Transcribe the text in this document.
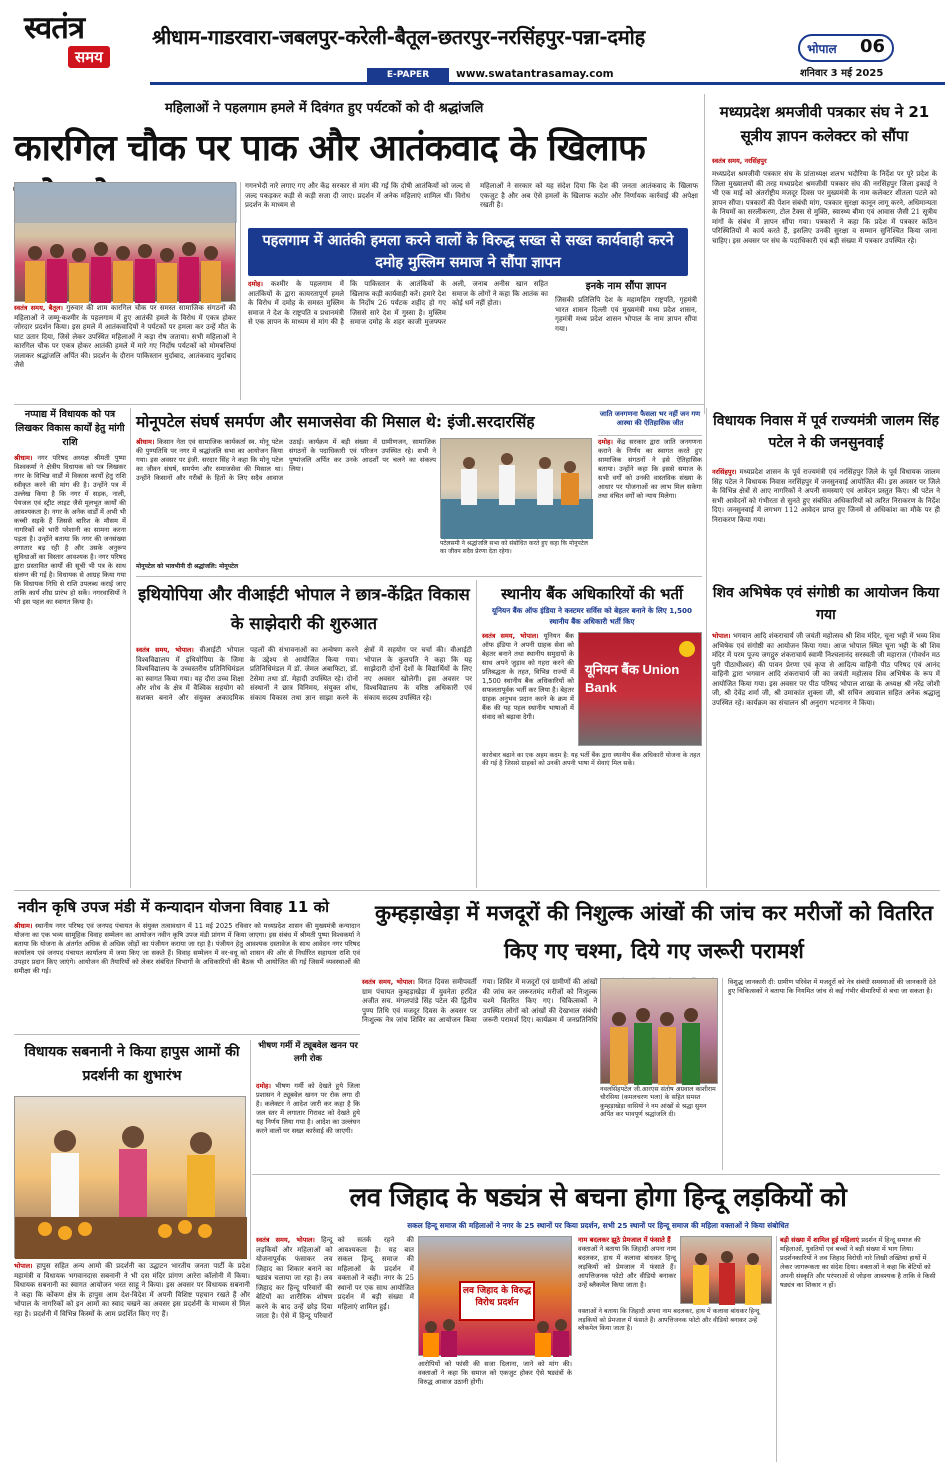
स्वतंत्र
समय
श्रीधाम-गाडरवारा-जबलपुर-करेली-बैतूल-छतरपुर-नरसिंहपुर-पन्ना-दमोह	भोपाल 06
E-PAPER	www.swatantrasamay.com	शनिवार 3 मई 2025
महिलाओं ने पहलगाम हमले में दिवंगत हुए पर्यटकों को दी श्रद्धांजलि
कारगिल चौक पर पाक और आतंकवाद के खिलाफ
स्वतंत्र समय, बैतूल। गुरुवार की शाम कारगिल चौक पर समस्त सामाजिक संगठनों की महिलाओं ने जम्मू-कश्मीर के पहलगाम में हुए आतंकी हमले के विरोध में एकत्र होकर जोरदार प्रदर्शन किया। इस हमले में आतंकवादियों ने पर्यटकों पर हमला कर उन्हें मौत के घाट उतार दिया, जिसे लेकर उपस्थित महिलाओं ने कड़ा रोष जताया। सभी महिलाओं ने कारगिल चौक पर एकत्र होकर आतंकी हमले में मारे गए निर्दोष पर्यटकों को मोमबत्तियां जलाकर श्रद्धांजलि अर्पित की। प्रदर्शन के दौरान पाकिस्तान मुर्दाबाद, आतंकवाद मुर्दाबाद जैसे
गगनभेदी नारे लगाए गए और केंद्र सरकार से मांग की गई कि दोषी आतंकियों को जल्द से जल्द पकड़कर कड़ी से कड़ी सजा दी जाए। प्रदर्शन में अनेक महिलाएं शामिल थीं। विरोध प्रदर्शन के माध्यम से
महिलाओं ने सरकार को यह संदेश दिया कि देश की जनता आतंकवाद के खिलाफ एकजुट है और अब ऐसे हमलों के खिलाफ कठोर और निर्णायक कार्रवाई की अपेक्षा रखती है।
पहलगाम में आतंकी हमला करने वालों के विरुद्ध सख्त से सख्त कार्यवाही करने दमोह मुस्लिम समाज ने सौंपा ज्ञापन
दमोह। कश्मीर के पहलगाम में आतंकियों के द्वारा कायरतापूर्ण हमले के विरोध में दमोह के समस्त मुस्लिम समाज ने देश के राष्ट्रपति व प्रधानमंत्री से एक ज्ञापन के माध्यम से मांग की है कि पाकिस्तान के आतंकियों के खिलाफ कड़ी कार्यवाही करें। हमारे देश के निर्दोष 26 पर्यटक शहीद हो गए जिससे सारे देश में गुस्सा है। मुस्लिम समाज दमोह के शहर काजी मुजफ्फर अली, जनाब अनीस खान सहित समाज के लोगों ने कहा कि आतंक का कोई धर्म नहीं होता।
इनके नाम सौंपा ज्ञापन
जिसकी प्रतिलिपि देश के महामहिम राष्ट्रपति, गृहमंत्री भारत शासन दिल्ली एवं मुख्यमंत्री मध्य प्रदेश शासन, गृहमंत्री मध्य प्रदेश शासन भोपाल के नाम ज्ञापन सौंपा गया।
मध्यप्रदेश श्रमजीवी पत्रकार संघ ने 21 सूत्रीय ज्ञापन कलेक्टर को सौंपा
स्वतंत्र समय, नरसिंहपुर
मध्यप्रदेश श्रमजीवी पत्रकार संघ के प्रांताध्यक्ष शलभ भदौरिया के निर्देश पर पूरे प्रदेश के जिला मुख्यालयों की तरह मध्यप्रदेश श्रमजीवी पत्रकार संघ की नरसिंहपुर जिला इकाई ने भी एक माई को अंतर्राष्ट्रीय मजदूर दिवस पर मुख्यमंत्री के नाम कलेक्टर शीतला पटले को ज्ञापन सौंपा। पत्रकारों की पेंशन संबंधी मांग, पत्रकार सुरक्षा कानून लागू करने, अधिमान्यता के नियमों का सरलीकरण, टोल टैक्स से मुक्ति, स्वास्थ्य बीमा एवं आवास जैसी 21 सूत्रीय मांगों के संबंध में ज्ञापन सौंपा गया। पत्रकारों ने कहा कि प्रदेश में पत्रकार कठिन परिस्थितियों में कार्य करते हैं, इसलिए उनकी सुरक्षा व सम्मान सुनिश्चित किया जाना चाहिए। इस अवसर पर संघ के पदाधिकारी एवं बड़ी संख्या में पत्रकार उपस्थित रहे।
नप्पाद्य में विधायक को पत्र लिखकर विकास कार्यों हेतु मांगी राशि
श्रीधाम। नगर परिषद अध्यक्ष श्रीमती पुष्पा विश्वकर्मा ने क्षेत्रीय विधायक को पत्र लिखकर नगर के विभिन्न वार्डों में विकास कार्यों हेतु राशि स्वीकृत करने की मांग की है। उन्होंने पत्र में उल्लेख किया है कि नगर में सड़क, नाली, पेयजल एवं स्ट्रीट लाइट जैसे मूलभूत कार्यों की आवश्यकता है। नगर के अनेक वार्डों में अभी भी कच्ची सड़कें हैं जिससे बारिश के मौसम में नागरिकों को भारी परेशानी का सामना करना पड़ता है। उन्होंने बताया कि नगर की जनसंख्या लगातार बढ़ रही है और उसके अनुरूप सुविधाओं का विस्तार आवश्यक है। नगर परिषद द्वारा प्रस्तावित कार्यों की सूची भी पत्र के साथ संलग्न की गई है। विधायक से आग्रह किया गया कि विधायक निधि से राशि उपलब्ध कराई जाए ताकि कार्य शीघ्र प्रारंभ हो सकें। नगरवासियों ने भी इस पहल का स्वागत किया है।
मोनूपटेल संघर्ष समर्पण और समाजसेवा की मिसाल थे: इंजी.सरदारसिंह
श्रीधाम। किसान नेता एवं सामाजिक कार्यकर्ता स्व. मोनू पटेल की पुण्यतिथि पर नगर में श्रद्धांजलि सभा का आयोजन किया गया। इस अवसर पर इंजी. सरदार सिंह ने कहा कि मोनू पटेल का जीवन संघर्ष, समर्पण और समाजसेवा की मिसाल था। उन्होंने किसानों और गरीबों के हितों के लिए सदैव आवाज उठाई। कार्यक्रम में बड़ी संख्या में ग्रामीणजन, सामाजिक संगठनों के पदाधिकारी एवं परिजन उपस्थित रहे। सभी ने पुष्पांजलि अर्पित कर उनके आदर्शों पर चलने का संकल्प लिया।
मोनूपटेल को भावभीनी दी श्रद्धांजलि: मोनूपटेल
पटेलसमी ने श्रद्धांजलि सभा को संबोधित करते हुए कहा कि मोनूपटेल का जीवन सदैव प्रेरणा देता रहेगा।
जाति जनगणना फैसला भर नहीं जन गण आस्था की ऐतिहासिक जीत
दमोह। केंद्र सरकार द्वारा जाति जनगणना कराने के निर्णय का स्वागत करते हुए सामाजिक संगठनों ने इसे ऐतिहासिक बताया। उन्होंने कहा कि इससे समाज के सभी वर्गों को उनकी वास्तविक संख्या के आधार पर योजनाओं का लाभ मिल सकेगा तथा वंचित वर्गों को न्याय मिलेगा।
विधायक निवास में पूर्व राज्यमंत्री जालम सिंह पटेल ने की जनसुनवाई
नरसिंहपुर। मध्यप्रदेश शासन के पूर्व राज्यमंत्री एवं नरसिंहपुर जिले के पूर्व विधायक जालम सिंह पटेल ने विधायक निवास नरसिंहपुर में जनसुनवाई आयोजित की। इस अवसर पर जिले के विभिन्न क्षेत्रों से आए नागरिकों ने अपनी समस्याएं एवं आवेदन प्रस्तुत किए। श्री पटेल ने सभी आवेदनों को गंभीरता से सुनते हुए संबंधित अधिकारियों को त्वरित निराकरण के निर्देश दिए। जनसुनवाई में लगभग 112 आवेदन प्राप्त हुए जिनमें से अधिकांश का मौके पर ही निराकरण किया गया।
इथियोपिया और वीआईटी भोपाल ने छात्र-केंद्रित विकास के साझेदारी की शुरुआत
स्वतंत्र समय, भोपाल। वीआईटी भोपाल विश्वविद्यालय में इथियोपिया के जिमा विश्वविद्यालय के उच्चस्तरीय प्रतिनिधिमंडल का स्वागत किया गया। यह दौरा उच्च शिक्षा और शोध के क्षेत्र में वैश्विक सहयोग को सशक्त बनाने और संयुक्त अकादमिक पहलों की संभावनाओं का अन्वेषण करने के उद्देश्य से आयोजित किया गया। प्रतिनिधिमंडल में डॉ. जेमल अबाफिटा, डॉ. टेसेमा तथा डॉ. मेहादी उपस्थित रहे। दोनों संस्थानों ने छात्र विनिमय, संयुक्त शोध, संकाय विकास तथा ज्ञान साझा करने के क्षेत्रों में सहयोग पर चर्चा की। वीआईटी भोपाल के कुलपति ने कहा कि यह साझेदारी दोनों देशों के विद्यार्थियों के लिए नए अवसर खोलेगी। इस अवसर पर विश्वविद्यालय के वरिष्ठ अधिकारी एवं संकाय सदस्य उपस्थित रहे।
स्थानीय बैंक अधिकारियों की भर्ती
यूनियन बैंक ऑफ इंडिया ने कस्टमर सर्विस को बेहतर बनाने के लिए 1,500 स्थानीय बैंक अधिकारी भर्ती किए
स्वतंत्र समय, भोपाल। यूनियन बैंक ऑफ इंडिया ने अपनी ग्राहक सेवा को बेहतर बनाने तथा स्थानीय समुदायों के साथ अपने जुड़ाव को गहरा करने की प्रतिबद्धता के तहत, विभिन्न राज्यों में 1,500 स्थानीय बैंक अधिकारियों को सफलतापूर्वक भर्ती कर लिया है। बेहतर ग्राहक अनुभव प्रदान करने के क्रम में बैंक की यह पहल स्थानीय भाषाओं में संवाद को बढ़ावा देगी।
यूनियन बैंक Union Bank
कारोबार बढ़ाने का एक अहम कदम है: यह भर्ती बैंक द्वारा स्थानीय बैंक अधिकारी योजना के तहत की गई है जिससे ग्राहकों को उनकी अपनी भाषा में सेवाएं मिल सकें।
शिव अभिषेक एवं संगोष्ठी का आयोजन किया गया
भोपाल। भगवान आदि शंकराचार्य जी जयंती महोत्सव श्री शिव मंदिर, चूना भट्टी में भव्य शिव अभिषेक एवं संगोष्ठी का आयोजन किया गया। आज भोपाल स्थित चूना भट्टी के श्री शिव मंदिर में परम पूज्य जगद्गुरु शंकराचार्य स्वामी निश्चलानंद सरस्वती जी महाराज (गोवर्धन मठ पुरी पीठाधीश्वर) की पावन प्रेरणा एवं कृपा से आदित्य वाहिनी पीठ परिषद एवं आनंद वाहिनी द्वारा भगवान आदि शंकराचार्य जी का जयंती महोत्सव शिव अभिषेक के रूप में आयोजित किया गया। इस अवसर पर पीठ परिषद भोपाल शाखा के अध्यक्ष श्री नरेंद्र जोशी जी, श्री देवेंद्र शर्मा जी, श्री उमाकांत शुक्ला जी, श्री सचिन अग्रवाल सहित अनेक श्रद्धालु उपस्थित रहे। कार्यक्रम का संचालन श्री अनुराग भटनागर ने किया।
नवीन कृषि उपज मंडी में कन्यादान योजना विवाह 11 को
श्रीधाम। स्थानीय नगर परिषद एवं जनपद पंचायत के संयुक्त तत्वावधान में 11 मई 2025 रविवार को मध्यप्रदेश शासन की मुख्यमंत्री कन्यादान योजना का एक भव्य सामूहिक विवाह सम्मेलन का आयोजन नवीन कृषि उपज मंडी प्रांगण में किया जाएगा। इस संबंध में श्रीमती पुष्पा विश्वकर्मा ने बताया कि योजना के अंतर्गत अधिक से अधिक जोड़ों का पंजीयन कराया जा रहा है। पंजीयन हेतु आवश्यक दस्तावेज के साथ आवेदन नगर परिषद कार्यालय एवं जनपद पंचायत कार्यालय में जमा किए जा सकते हैं। विवाह सम्मेलन में वर-वधू को शासन की ओर से निर्धारित सहायता राशि एवं उपहार प्रदान किए जाएंगे। आयोजन की तैयारियों को लेकर संबंधित विभागों के अधिकारियों की बैठक भी आयोजित की गई जिसमें व्यवस्थाओं की समीक्षा की गई।
कुम्हड़ाखेड़ा में मजदूरों की निशुल्क आंखों की जांच कर मरीजों को वितरित किए गए चश्मा, दिये गए जरूरी परामर्श
स्वतंत्र समय, भोपाल। विगत दिवस समीपवर्ती ग्राम पंचायत कुम्हड़ाखेड़ा में युवनेता हरदित अजीत सच. मंगलपांडे सिंह पटेल की द्वितीय पुण्य तिथि एवं मजदूर दिवस के अवसर पर निःशुल्क नेत्र जांच शिविर का आयोजन किया गया। शिविर में मजदूरों एवं ग्रामीणों की आंखों की जांच कर जरूरतमंद मरीजों को निःशुल्क चश्मे वितरित किए गए। चिकित्सकों ने उपस्थित लोगों को आंखों की देखभाल संबंधी जरूरी परामर्श दिए। कार्यक्रम में जनप्रतिनिधि
नवलसिंहपटेल जी.आरएस संतोष अग्रवाल काशीराम चौरसिया (कमलचरण भला) के सहित समस्त कुम्हड़ाखेड़ा वासियों ने नम आंखों से श्रद्धा सुमन अर्पित कर भावपूर्ण श्रद्धांजलि दी।
विशुद्ध जानकारी दी: ग्रामीण परिवेश में मजदूरों को नेत्र संबंधी समस्याओं की जानकारी देते हुए चिकित्सकों ने बताया कि नियमित जांच से कई गंभीर बीमारियों से बचा जा सकता है।
विधायक सबनानी ने किया हापुस आमों की प्रदर्शनी का शुभारंभ
भीषण गर्मी में ट्यूबवेल खनन पर लगी रोक
दमोह। भीषण गर्मी को देखते हुये जिला प्रशासन ने ट्यूबवेल खनन पर रोक लगा दी है। कलेक्टर ने आदेश जारी कर कहा है कि जल स्तर में लगातार गिरावट को देखते हुये यह निर्णय लिया गया है। आदेश का उल्लंघन करने वालों पर सख्त कार्रवाई की जाएगी।
लव जिहाद के षड्यंत्र से बचना होगा हिन्दू लड़कियों को
सकल हिन्दू समाज की महिलाओं ने नगर के 25 स्थानों पर किया प्रदर्शन, सभी 25 स्थानों पर हिन्दू समाज की महिला वक्ताओं ने किया संबोधित
स्वतंत्र समय, भोपाल। हिन्दू लड़कियों और महिलाओं को योजनापूर्वक फंसाकर लव जिहाद का शिकार बनाने का षड्यंत्र चलाया जा रहा है। लव जिहाद कर हिन्दू परिवारों की बेटियों का शारीरिक शोषण करने के बाद उन्हें छोड़ दिया जाता है। ऐसे में हिन्दू परिवारों को सतर्क रहने की आवश्यकता है। यह बात सकल हिन्दू समाज की महिलाओं के प्रदर्शन में वक्ताओं ने कही। नगर के 25 स्थानों पर एक साथ आयोजित प्रदर्शन में बड़ी संख्या में महिलाएं शामिल हुईं।
लव जिहाद के विरुद्ध विरोध प्रदर्शन
आरोपियों को फांसी की सजा दिलाना, जाने को मांग की। वक्ताओं ने कहा कि समाज को एकजुट होकर ऐसे षड्यंत्रों के विरुद्ध आवाज उठानी होगी।
नाम बदलकर झूठे प्रेमजाल में फंसाते हैं
वक्ताओं ने बताया कि जिहादी अपना नाम बदलकर, हाथ में कलावा बांधकर हिन्दू लड़कियों को प्रेमजाल में फंसाते हैं। आपत्तिजनक फोटो और वीडियो बनाकर उन्हें ब्लैकमेल किया जाता है।
वक्ताओं ने बताया कि जिहादी अपना नाम बदलकर, हाथ में कलावा बांधकर हिन्दू लड़कियों को प्रेमजाल में फंसाते हैं। आपत्तिजनक फोटो और वीडियो बनाकर उन्हें ब्लैकमेल किया जाता है।
बड़ी संख्या में शामिल हुई महिलाएं प्रदर्शन में हिन्दू समाज की महिलाओं, युवतियों एवं बच्चों ने बड़ी संख्या में भाग लिया। प्रदर्शनकारियों ने लव जिहाद विरोधी नारे लिखी तख्तियां हाथों में लेकर जागरूकता का संदेश दिया। वक्ताओं ने कहा कि बेटियों को अपनी संस्कृति और परंपराओं से जोड़ना आवश्यक है ताकि वे किसी षड्यंत्र का शिकार न हों।
भोपाल। हापुस सहित अन्य आमो की प्रदर्शनी का उद्घाटन भारतीय जनता पार्टी के प्रदेश महामंत्री व विधायक भगवानदास सबनानी ने भी दस मंदिर प्रांगण आरेरा कॉलोनी में किया। विधायक सबनानी का स्वागत आयोजन भरत साहू ने किया। इस अवसर पर विधायक सबनानी ने कहा कि कोंकण क्षेत्र के हापुस आम देश-विदेश में अपनी विशिष्ट पहचान रखते हैं और भोपाल के नागरिकों को इन आमों का स्वाद चखने का अवसर इस प्रदर्शनी के माध्यम से मिल रहा है। प्रदर्शनी में विभिन्न किस्मों के आम प्रदर्शित किए गए हैं।
